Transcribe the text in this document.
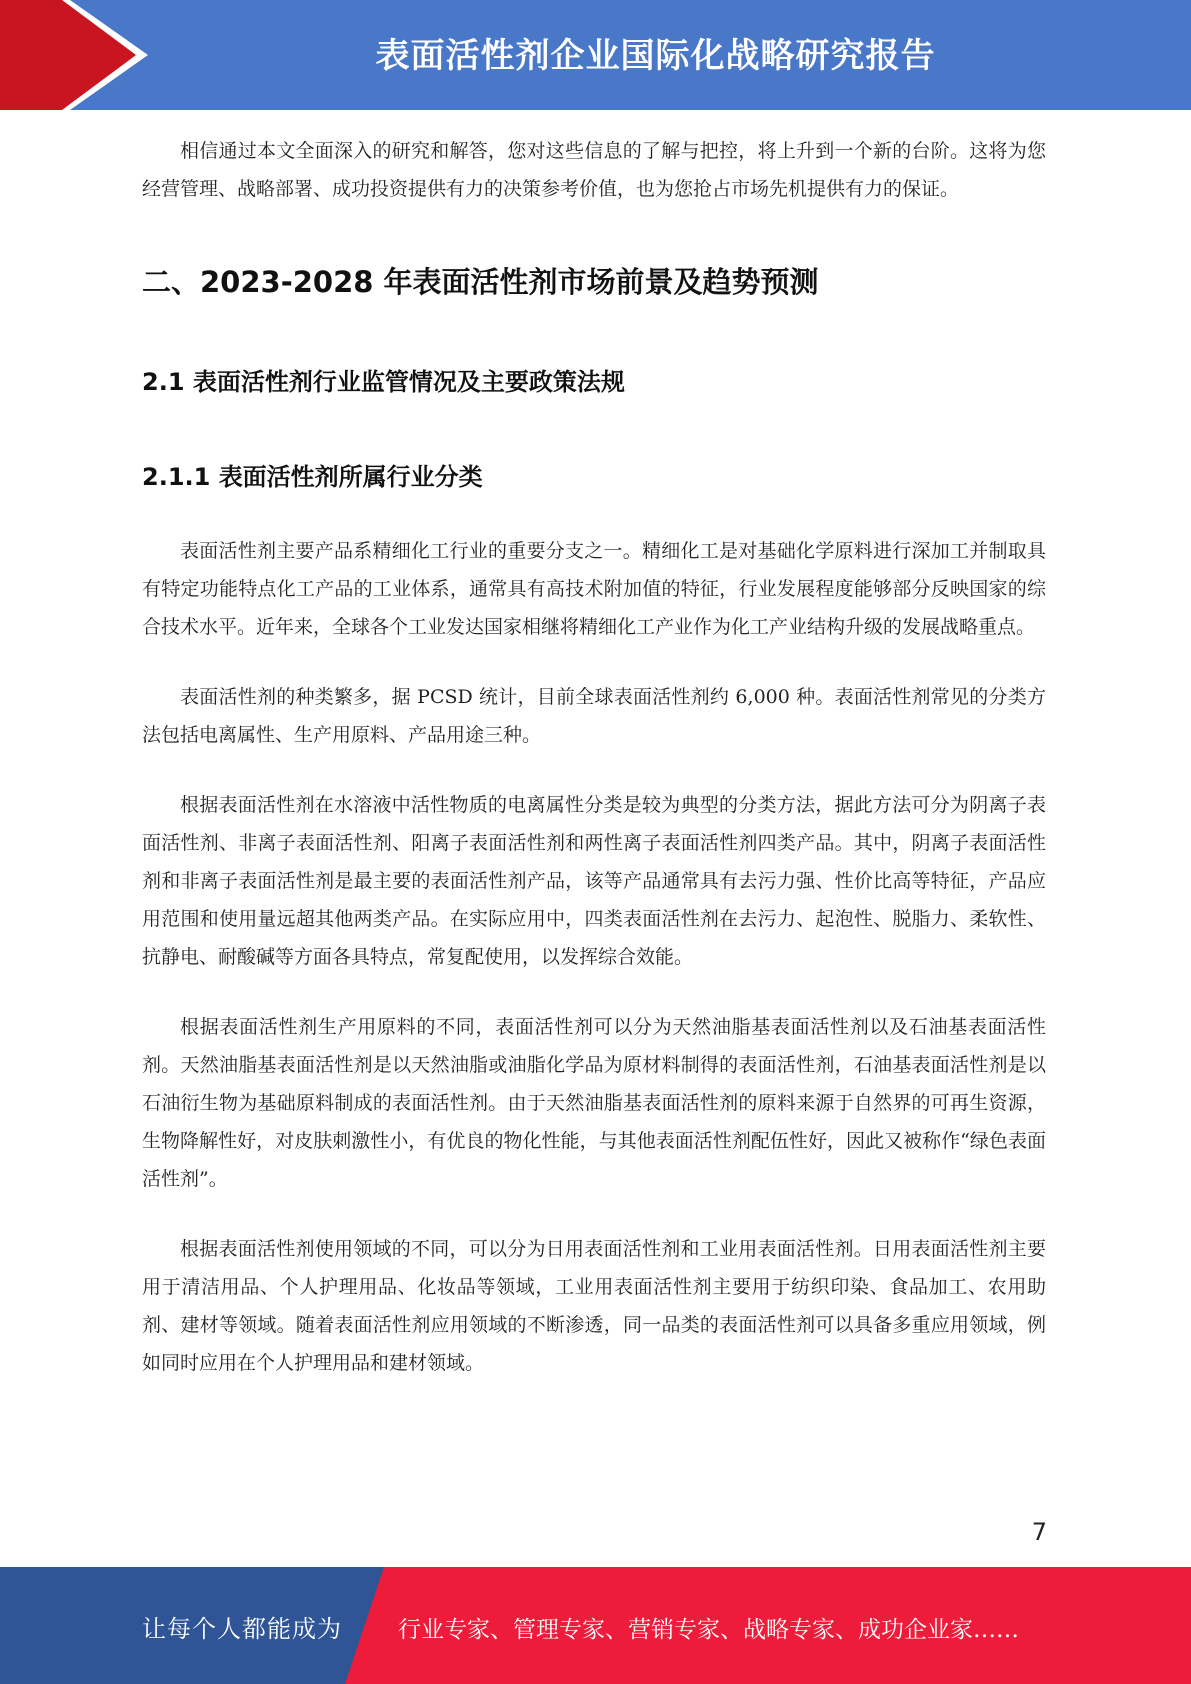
表面活性剂企业国际化战略研究报告

相信通过本文全面深入的研究和解答，您对这些信息的了解与把控，将上升到一个新的台阶。这将为您经营管理、战略部署、成功投资提供有力的决策参考价值，也为您抢占市场先机提供有力的保证。

二、2023-2028 年表面活性剂市场前景及趋势预测
2.1 表面活性剂行业监管情况及主要政策法规
2.1.1 表面活性剂所属行业分类

表面活性剂主要产品系精细化工行业的重要分支之一。精细化工是对基础化学原料进行深加工并制取具有特定功能特点化工产品的工业体系，通常具有高技术附加值的特征，行业发展程度能够部分反映国家的综合技术水平。近年来，全球各个工业发达国家相继将精细化工产业作为化工产业结构升级的发展战略重点。

表面活性剂的种类繁多，据 PCSD 统计，目前全球表面活性剂约 6,000 种。表面活性剂常见的分类方法包括电离属性、生产用原料、产品用途三种。

根据表面活性剂在水溶液中活性物质的电离属性分类是较为典型的分类方法，据此方法可分为阴离子表面活性剂、非离子表面活性剂、阳离子表面活性剂和两性离子表面活性剂四类产品。其中，阴离子表面活性剂和非离子表面活性剂是最主要的表面活性剂产品，该等产品通常具有去污力强、性价比高等特征，产品应用范围和使用量远超其他两类产品。在实际应用中，四类表面活性剂在去污力、起泡性、脱脂力、柔软性、抗静电、耐酸碱等方面各具特点，常复配使用，以发挥综合效能。

根据表面活性剂生产用原料的不同，表面活性剂可以分为天然油脂基表面活性剂以及石油基表面活性剂。天然油脂基表面活性剂是以天然油脂或油脂化学品为原材料制得的表面活性剂，石油基表面活性剂是以石油衍生物为基础原料制成的表面活性剂。由于天然油脂基表面活性剂的原料来源于自然界的可再生资源，生物降解性好，对皮肤刺激性小，有优良的物化性能，与其他表面活性剂配伍性好，因此又被称作“绿色表面活性剂”。

根据表面活性剂使用领域的不同，可以分为日用表面活性剂和工业用表面活性剂。日用表面活性剂主要用于清洁用品、个人护理用品、化妆品等领域，工业用表面活性剂主要用于纺织印染、食品加工、农用助剂、建材等领域。随着表面活性剂应用领域的不断渗透，同一品类的表面活性剂可以具备多重应用领域，例如同时应用在个人护理用品和建材领域。

7
让每个人都能成为 行业专家、管理专家、营销专家、战略专家、成功企业家……
